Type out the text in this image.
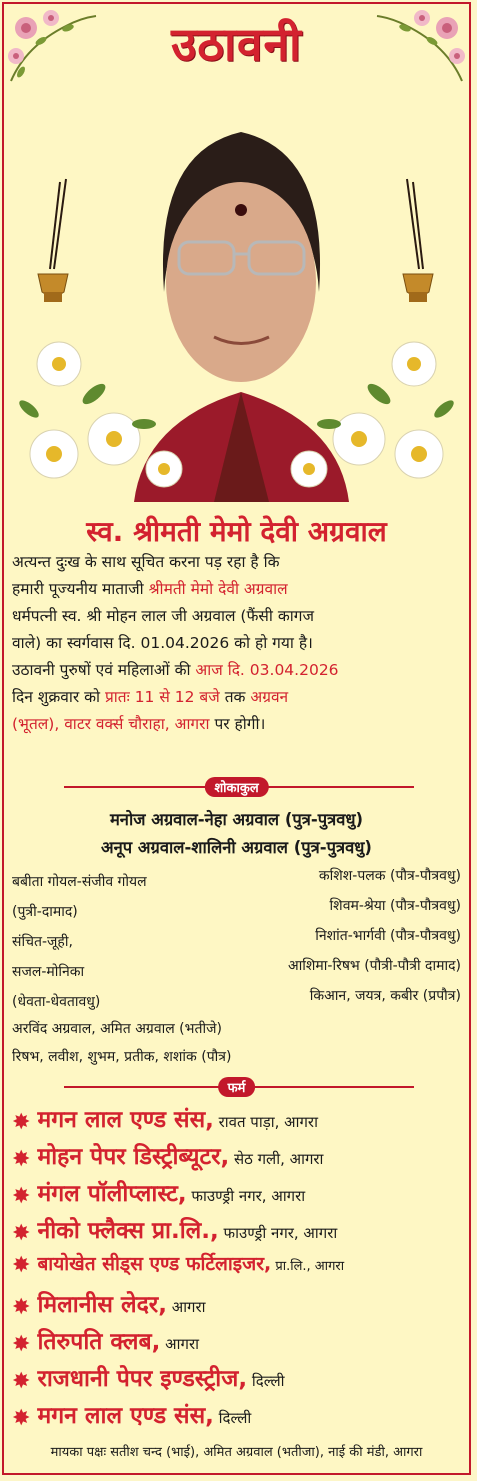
उठावनी
स्व. श्रीमती मेमो देवी अग्रवाल
अत्यन्त दुःख के साथ सूचित करना पड़ रहा है कि
हमारी पूज्यनीय माताजी श्रीमती मेमो देवी अग्रवाल
धर्मपत्नी स्व. श्री मोहन लाल जी अग्रवाल (फैंसी कागज
वाले) का स्वर्गवास दि. 01.04.2026 को हो गया है।
उठावनी पुरुषों एवं महिलाओं की आज दि. 03.04.2026
दिन शुक्रवार को प्रातः 11 से 12 बजे तक अग्रवन
(भूतल), वाटर वर्क्स चौराहा, आगरा पर होगी।
शोकाकुल
मनोज अग्रवाल-नेहा अग्रवाल (पुत्र-पुत्रवधु)
अनूप अग्रवाल-शालिनी अग्रवाल (पुत्र-पुत्रवधु)
बबीता गोयल-संजीव गोयल
(पुत्री-दामाद)
संचित-जूही,
सजल-मोनिका
(धेवता-धेवतावधु)
कशिश-पलक (पौत्र-पौत्रवधु)
शिवम-श्रेया (पौत्र-पौत्रवधु)
निशांत-भार्गवी (पौत्र-पौत्रवधु)
आशिमा-रिषभ (पौत्री-पौत्री दामाद)
किआन, जयत्र, कबीर (प्रपौत्र)
अरविंद अग्रवाल, अमित अग्रवाल (भतीजे)
रिषभ, लवीश, शुभम, प्रतीक, शशांक (पौत्र)
फर्म
✸ मगन लाल एण्ड संस, रावत पाड़ा, आगरा
✸ मोहन पेपर डिस्ट्रीब्यूटर, सेठ गली, आगरा
✸ मंगल पॉलीप्लास्ट, फाउण्ड्री नगर, आगरा
✸ नीको फ्लैक्स प्रा.लि., फाउण्ड्री नगर, आगरा
✸ बायोखेत सीड्स एण्ड फर्टिलाइजर, प्रा.लि., आगरा
✸ मिलानीस लेदर, आगरा
✸ तिरुपति क्लब, आगरा
✸ राजधानी पेपर इण्डस्ट्रीज, दिल्ली
✸ मगन लाल एण्ड संस, दिल्ली
मायका पक्षः सतीश चन्द (भाई), अमित अग्रवाल (भतीजा), नाई की मंडी, आगरा
